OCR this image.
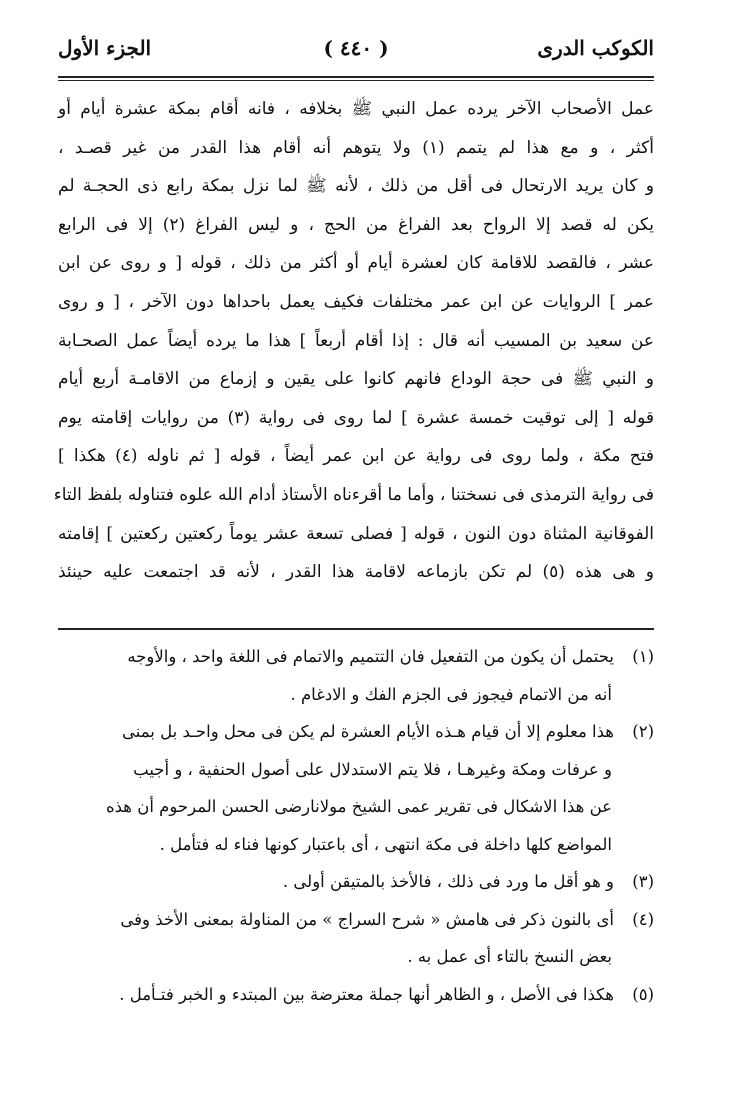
الكوكب الدرى
( ٤٤٠ )
الجزء الأول
عمل الأصحاب الآخر يرده عمل النبي ﷺ بخلافه ، فانه أقام بمكة عشرة أيام أو
أكثر ، و مع هذا لم يتمم (١) ولا يتوهم أنه أقام هذا القدر من غير قصـد ،
و كان يريد الارتحال فى أقل من ذلك ، لأنه ﷺ لما نزل بمكة رابع ذى الحجـة لم
يكن له قصد إلا الرواح بعد الفراغ من الحج ، و ليس الفراغ (٢) إلا فى الرابع
عشر ، فالقصد للاقامة كان لعشرة أيام أو أكثر من ذلك ، قوله [ و روى عن ابن
عمر ] الروايات عن ابن عمر مختلفات فكيف يعمل باحداها دون الآخر ، [ و روى
عن سعيد بن المسيب أنه قال : إذا أقام أربعاً ] هذا ما يرده أيضاً عمل الصحـابة
و النبي ﷺ فى حجة الوداع فانهم كانوا على يقين و إزماع من الاقامـة أربع أيام
قوله [ إلى توقيت خمسة عشرة ] لما روى فى رواية (٣) من روايات إقامته يوم
فتح مكة ، ولما روى فى رواية عن ابن عمر أيضاً ، قوله [ ثم ناوله (٤) هكذا ]
فى رواية الترمذى فى نسختنا ، وأما ما أقرءناه الأستاذ أدام الله علوه فتناوله بلفظ التاء
الفوقانية المثناة دون النون ، قوله [ فصلى تسعة عشر يوماً ركعتين ركعتين ] إقامته
و هى هذه (٥) لم تكن بازماعه لاقامة هذا القدر ، لأنه قد اجتمعت عليه حينئذ
(١)يحتمل أن يكون من التفعيل فان التتميم والاتمام فى اللغة واحد ، والأوجه
أنه من الاتمام فيجوز فى الجزم الفك و الادغام .
(٢)هذا معلوم إلا أن قيام هـذه الأيام العشرة لم يكن فى محل واحـد بل بمنى
و عرفات ومكة وغيرهـا ، فلا يتم الاستدلال على أصول الحنفية ، و أجيب
عن هذا الاشكال فى تقرير عمى الشيخ مولانارضى الحسن المرحوم أن هذه
المواضع كلها داخلة فى مكة انتهى ، أى باعتبار كونها فناء له فتأمل .
(٣)و هو أقل ما ورد فى ذلك ، فالأخذ بالمتيقن أولى .
(٤)أى بالنون ذكر فى هامش « شرح السراج » من المناولة بمعنى الأخذ وفى
بعض النسخ بالتاء أى عمل به .
(٥)هكذا فى الأصل ، و الظاهر أنها جملة معترضة بين المبتدء و الخبر فتـأمل .
